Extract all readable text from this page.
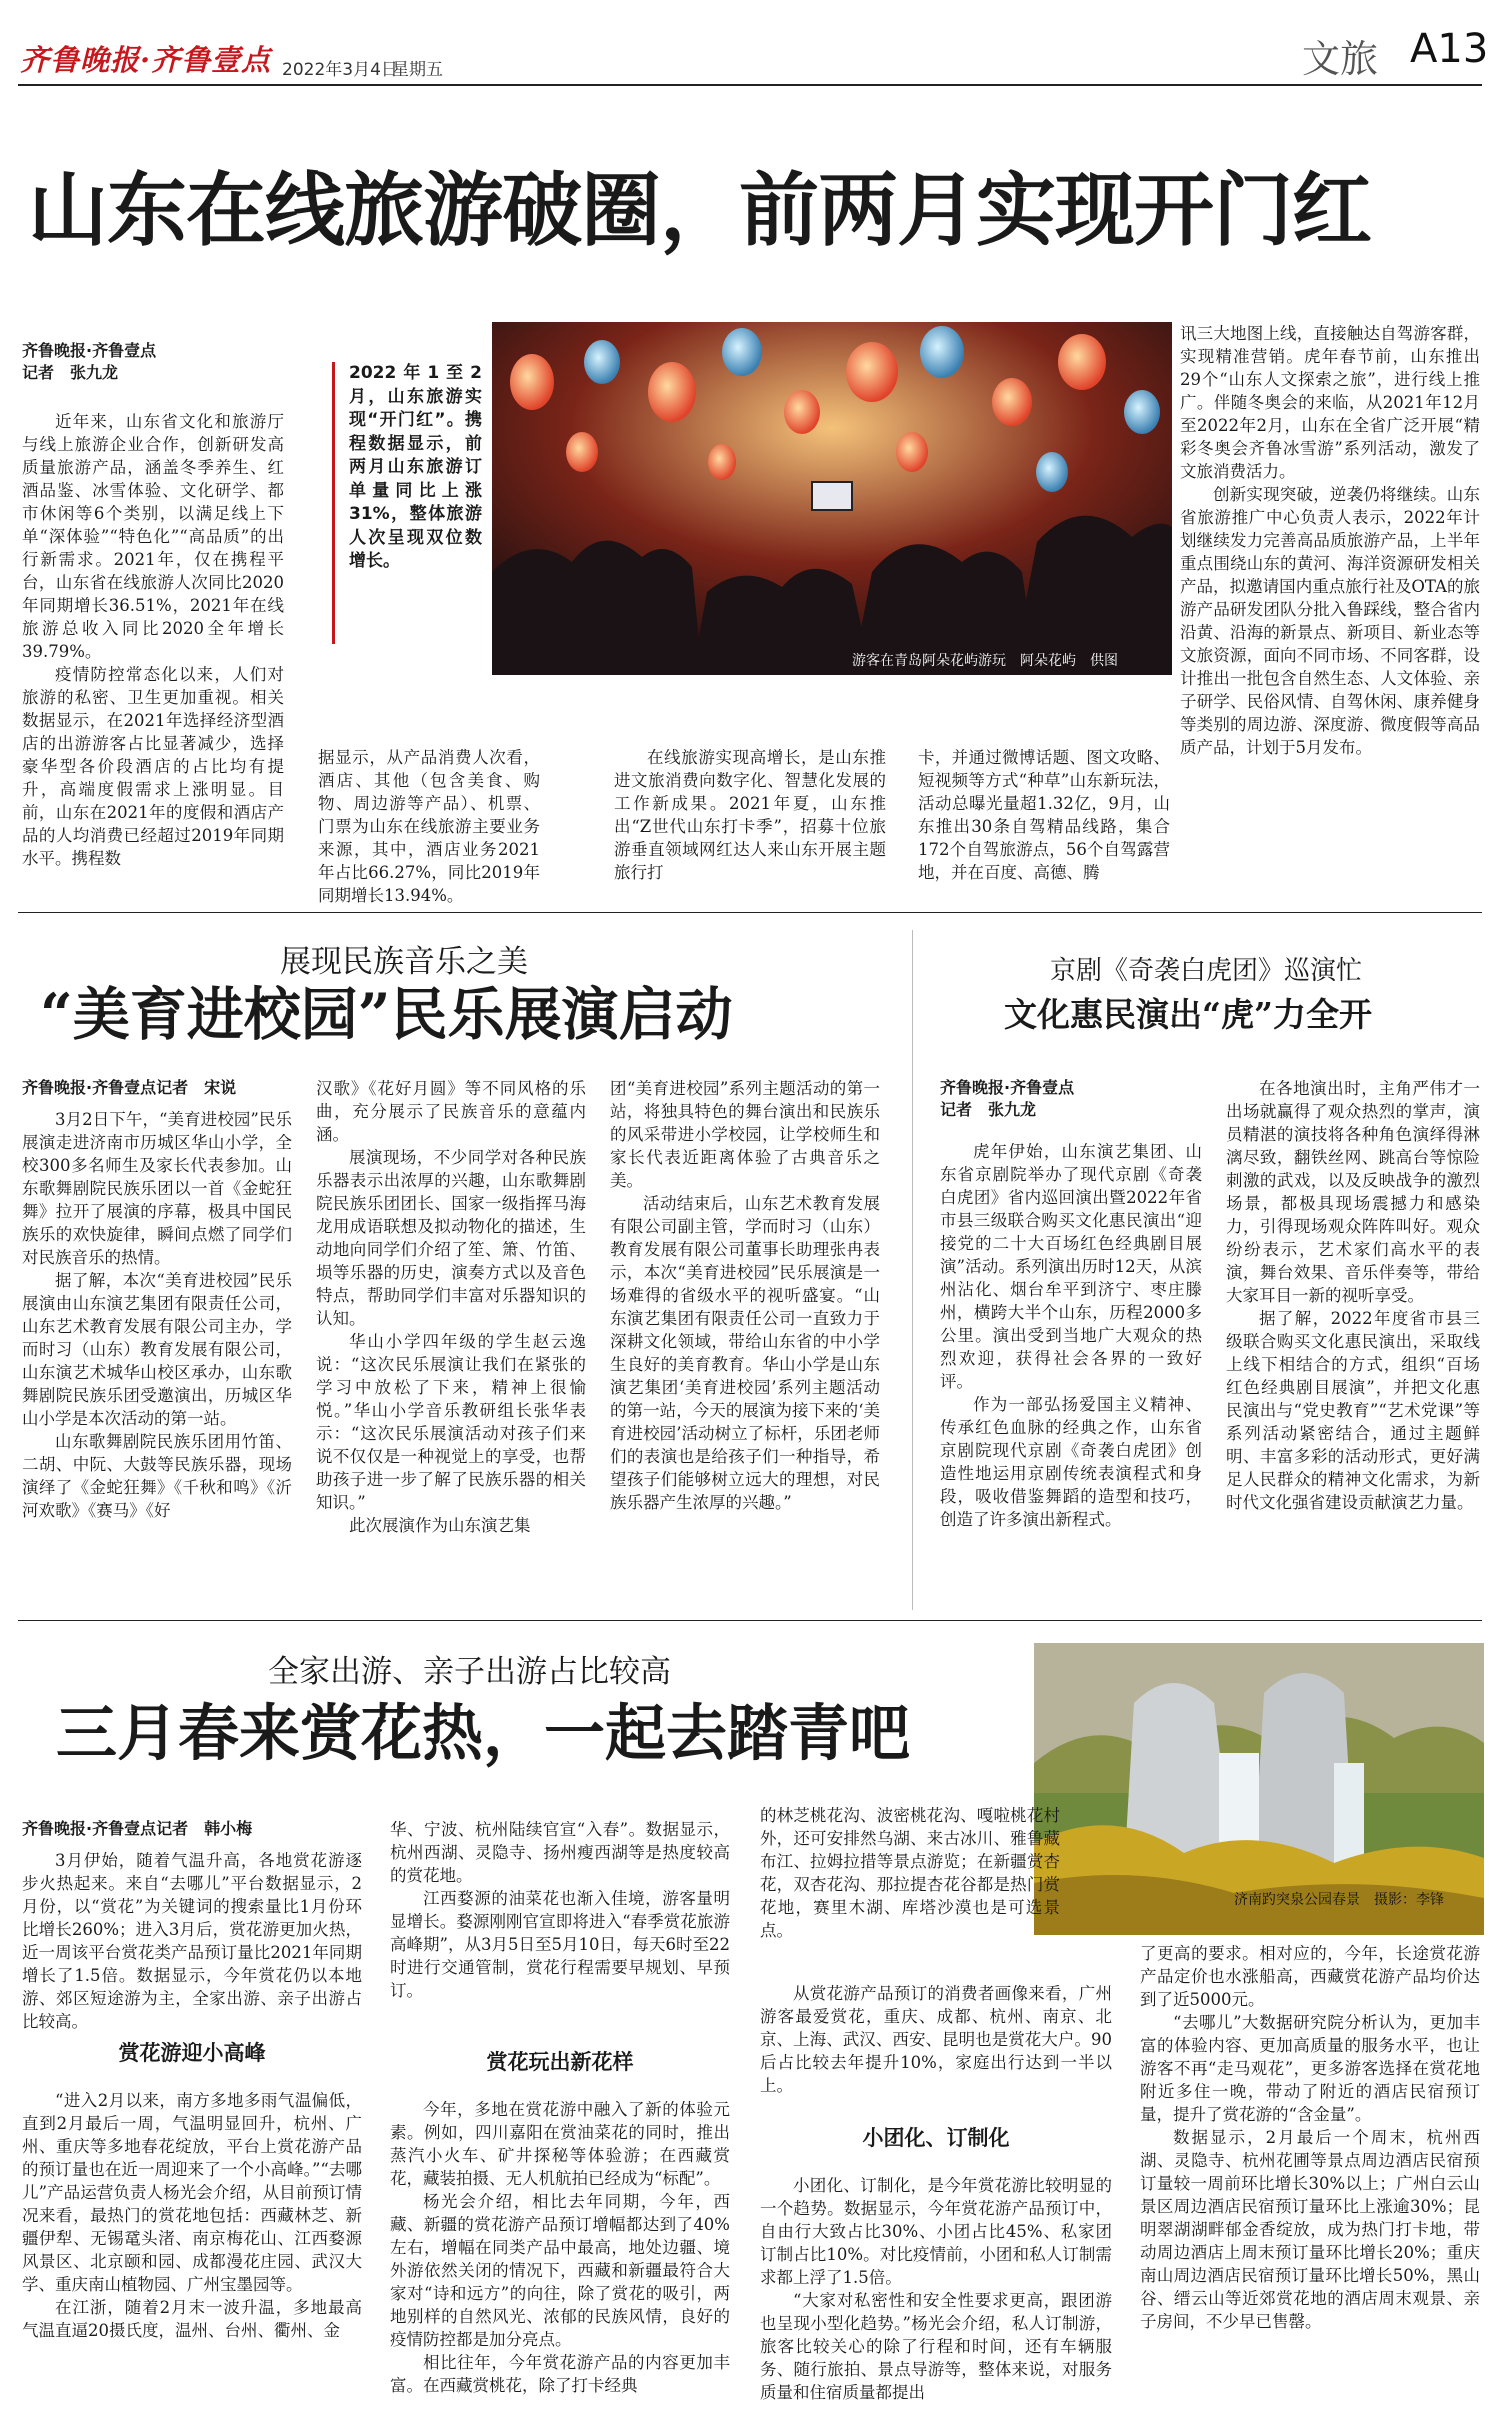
齐鲁晚报·齐鲁壹点 2022年3月4日
星期五	文旅 A13
山东在线旅游破圈，前两月实现开门红
齐鲁晚报·齐鲁壹点
记者　张九龙

近年来，山东省文化和旅游厅与线上旅游企业合作，创新研发高质量旅游产品，涵盖冬季养生、红酒品鉴、冰雪体验、文化研学、都市休闲等6个类别，以满足线上下单“深体验”“特色化”“高品质”的出行新需求。2021年，仅在携程平台，山东省在线旅游人次同比2020年同期增长36.51%，2021年在线旅游总收入同比2020全年增长39.79%。

疫情防控常态化以来，人们对旅游的私密、卫生更加重视。相关数据显示，在2021年选择经济型酒店的出游游客占比显著减少，选择豪华型各价段酒店的占比均有提升，高端度假需求上涨明显。目前，山东在2021年的度假和酒店产品的人均消费已经超过2019年同期水平。携程数

2022年1至2月，山东旅游实现“开门红”。携程数据显示，前两月山东旅游订单量同比上涨31%，整体旅游人次呈现双位数增长。
游客在青岛阿朵花屿游玩　阿朵花屿　供图

讯三大地图上线，直接触达自驾游客群，实现精准营销。虎年春节前，山东推出29个“山东人文探索之旅”，进行线上推广。伴随冬奥会的来临，从2021年12月至2022年2月，山东在全省广泛开展“精彩冬奥会齐鲁冰雪游”系列活动，激发了文旅消费活力。

创新实现突破，逆袭仍将继续。山东省旅游推广中心负责人表示，2022年计划继续发力完善高品质旅游产品，上半年重点围绕山东的黄河、海洋资源研发相关产品，拟邀请国内重点旅行社及OTA的旅游产品研发团队分批入鲁踩线，整合省内沿黄、沿海的新景点、新项目、新业态等文旅资源，面向不同市场、不同客群，设计推出一批包含自然生态、人文体验、亲子研学、民俗风情、自驾休闲、康养健身等类别的周边游、深度游、微度假等高品质产品，计划于5月发布。

据显示，从产品消费人次看，酒店、其他（包含美食、购物、周边游等产品）、机票、门票为山东在线旅游主要业务来源，其中，酒店业务2021年占比66.27%，同比2019年同期增长13.94%。

在线旅游实现高增长，是山东推进文旅消费向数字化、智慧化发展的工作新成果。2021年夏，山东推出“Z世代山东打卡季”，招募十位旅游垂直领域网红达人来山东开展主题旅行打

卡，并通过微博话题、图文攻略、短视频等方式“种草”山东新玩法，活动总曝光量超1.32亿，9月，山东推出30条自驾精品线路，集合172个自驾旅游点，56个自驾露营地，并在百度、高德、腾

展现民族音乐之美
“美育进校园”民乐展演启动
齐鲁晚报·齐鲁壹点记者　宋说

3月2日下午，“美育进校园”民乐展演走进济南市历城区华山小学，全校300多名师生及家长代表参加。山东歌舞剧院民族乐团以一首《金蛇狂舞》拉开了展演的序幕，极具中国民族乐的欢快旋律，瞬间点燃了同学们对民族音乐的热情。

据了解，本次“美育进校园”民乐展演由山东演艺集团有限责任公司，山东艺术教育发展有限公司主办，学而时习（山东）教育发展有限公司，山东演艺术城华山校区承办，山东歌舞剧院民族乐团受邀演出，历城区华山小学是本次活动的第一站。

山东歌舞剧院民族乐团用竹笛、二胡、中阮、大鼓等民族乐器，现场演绎了《金蛇狂舞》《千秋和鸣》《沂河欢歌》《赛马》《好

汉歌》《花好月圆》等不同风格的乐曲，充分展示了民族音乐的意蕴内涵。

展演现场，不少同学对各种民族乐器表示出浓厚的兴趣，山东歌舞剧院民族乐团团长、国家一级指挥马海龙用成语联想及拟动物化的描述，生动地向同学们介绍了笙、箫、竹笛、埙等乐器的历史，演奏方式以及音色特点，帮助同学们丰富对乐器知识的认知。

华山小学四年级的学生赵云逸说：“这次民乐展演让我们在紧张的学习中放松了下来，精神上很愉悦。”华山小学音乐教研组长张华表示：“这次民乐展演活动对孩子们来说不仅仅是一种视觉上的享受，也帮助孩子进一步了解了民族乐器的相关知识。”

此次展演作为山东演艺集

团“美育进校园”系列主题活动的第一站，将独具特色的舞台演出和民族乐的风采带进小学校园，让学校师生和家长代表近距离体验了古典音乐之美。

活动结束后，山东艺术教育发展有限公司副主管，学而时习（山东）教育发展有限公司董事长助理张冉表示，本次“美育进校园”民乐展演是一场难得的省级水平的视听盛宴。“山东演艺集团有限责任公司一直致力于深耕文化领域，带给山东省的中小学生良好的美育教育。华山小学是山东演艺集团‘美育进校园’系列主题活动的第一站，今天的展演为接下来的‘美育进校园’活动树立了标杆，乐团老师们的表演也是给孩子们一种指导，希望孩子们能够树立远大的理想，对民族乐器产生浓厚的兴趣。”

京剧《奇袭白虎团》巡演忙
文化惠民演出“虎”力全开
齐鲁晚报·齐鲁壹点
记者　张九龙

虎年伊始，山东演艺集团、山东省京剧院举办了现代京剧《奇袭白虎团》省内巡回演出暨2022年省市县三级联合购买文化惠民演出“迎接党的二十大百场红色经典剧目展演”活动。系列演出历时12天，从滨州沾化、烟台牟平到济宁、枣庄滕州，横跨大半个山东，历程2000多公里。演出受到当地广大观众的热烈欢迎，获得社会各界的一致好评。

作为一部弘扬爱国主义精神、传承红色血脉的经典之作，山东省京剧院现代京剧《奇袭白虎团》创造性地运用京剧传统表演程式和身段，吸收借鉴舞蹈的造型和技巧，创造了许多演出新程式。

在各地演出时，主角严伟才一出场就赢得了观众热烈的掌声，演员精湛的演技将各种角色演绎得淋漓尽致，翻铁丝网、跳高台等惊险刺激的武戏，以及反映战争的激烈场景，都极具现场震撼力和感染力，引得现场观众阵阵叫好。观众纷纷表示，艺术家们高水平的表演，舞台效果、音乐伴奏等，带给大家耳目一新的视听享受。

据了解，2022年度省市县三级联合购买文化惠民演出，采取线上线下相结合的方式，组织“百场红色经典剧目展演”，并把文化惠民演出与“党史教育”“艺术党课”等系列活动紧密结合，通过主题鲜明、丰富多彩的活动形式，更好满足人民群众的精神文化需求，为新时代文化强省建设贡献演艺力量。

全家出游、亲子出游占比较高
三月春来赏花热，一起去踏青吧
济南趵突泉公园春景　摄影：李锋
齐鲁晚报·齐鲁壹点记者　韩小梅

3月伊始，随着气温升高，各地赏花游逐步火热起来。来自“去哪儿”平台数据显示，2月份，以“赏花”为关键词的搜索量比1月份环比增长260%；进入3月后，赏花游更加火热，近一周该平台赏花类产品预订量比2021年同期增长了1.5倍。数据显示，今年赏花仍以本地游、郊区短途游为主，全家出游、亲子出游占比较高。

赏花游迎小高峰

“进入2月以来，南方多地多雨气温偏低，直到2月最后一周，气温明显回升，杭州、广州、重庆等多地春花绽放，平台上赏花游产品的预订量也在近一周迎来了一个小高峰。”“去哪儿”产品运营负责人杨光会介绍，从目前预订情况来看，最热门的赏花地包括：西藏林芝、新疆伊犁、无锡鼋头渚、南京梅花山、江西婺源风景区、北京颐和园、成都漫花庄园、武汉大学、重庆南山植物园、广州宝墨园等。

在江浙，随着2月末一波升温，多地最高气温直逼20摄氏度，温州、台州、衢州、金

华、宁波、杭州陆续官宣“入春”。数据显示，杭州西湖、灵隐寺、扬州瘦西湖等是热度较高的赏花地。

江西婺源的油菜花也渐入佳境，游客量明显增长。婺源刚刚官宣即将进入“春季赏花旅游高峰期”，从3月5日至5月10日，每天6时至22时进行交通管制，赏花行程需要早规划、早预订。

赏花玩出新花样

今年，多地在赏花游中融入了新的体验元素。例如，四川嘉阳在赏油菜花的同时，推出蒸汽小火车、矿井探秘等体验游；在西藏赏花，藏装拍摄、无人机航拍已经成为“标配”。

杨光会介绍，相比去年同期，今年，西藏、新疆的赏花游产品预订增幅都达到了40%左右，增幅在同类产品中最高，地处边疆、境外游依然关闭的情况下，西藏和新疆最符合大家对“诗和远方”的向往，除了赏花的吸引，两地别样的自然风光、浓郁的民族风情，良好的疫情防控都是加分亮点。

相比往年，今年赏花游产品的内容更加丰富。在西藏赏桃花，除了打卡经典

的林芝桃花沟、波密桃花沟、嘎啦桃花村外，还可安排然乌湖、来古冰川、雅鲁藏布江、拉姆拉措等景点游览；在新疆赏杏花，双杏花沟、那拉提杏花谷都是热门赏花地，赛里木湖、库塔沙漠也是可选景点。

从赏花游产品预订的消费者画像来看，广州游客最爱赏花，重庆、成都、杭州、南京、北京、上海、武汉、西安、昆明也是赏花大户。90后占比较去年提升10%，家庭出行达到一半以上。

小团化、订制化

小团化、订制化，是今年赏花游比较明显的一个趋势。数据显示，今年赏花游产品预订中，自由行大致占比30%、小团占比45%、私家团订制占比10%。对比疫情前，小团和私人订制需求都上浮了1.5倍。

“大家对私密性和安全性要求更高，跟团游也呈现小型化趋势。”杨光会介绍，私人订制游，旅客比较关心的除了行程和时间，还有车辆服务、随行旅拍、景点导游等，整体来说，对服务质量和住宿质量都提出

了更高的要求。相对应的，今年，长途赏花游产品定价也水涨船高，西藏赏花游产品均价达到了近5000元。

“去哪儿”大数据研究院分析认为，更加丰富的体验内容、更加高质量的服务水平，也让游客不再“走马观花”，更多游客选择在赏花地附近多住一晚，带动了附近的酒店民宿预订量，提升了赏花游的“含金量”。

数据显示，2月最后一个周末，杭州西湖、灵隐寺、杭州花圃等景点周边酒店民宿预订量较一周前环比增长30%以上；广州白云山景区周边酒店民宿预订量环比上涨逾30%；昆明翠湖湖畔郁金香绽放，成为热门打卡地，带动周边酒店上周末预订量环比增长20%；重庆南山周边酒店民宿预订量环比增长50%，黑山谷、缙云山等近郊赏花地的酒店周末观景、亲子房间，不少早已售罄。
